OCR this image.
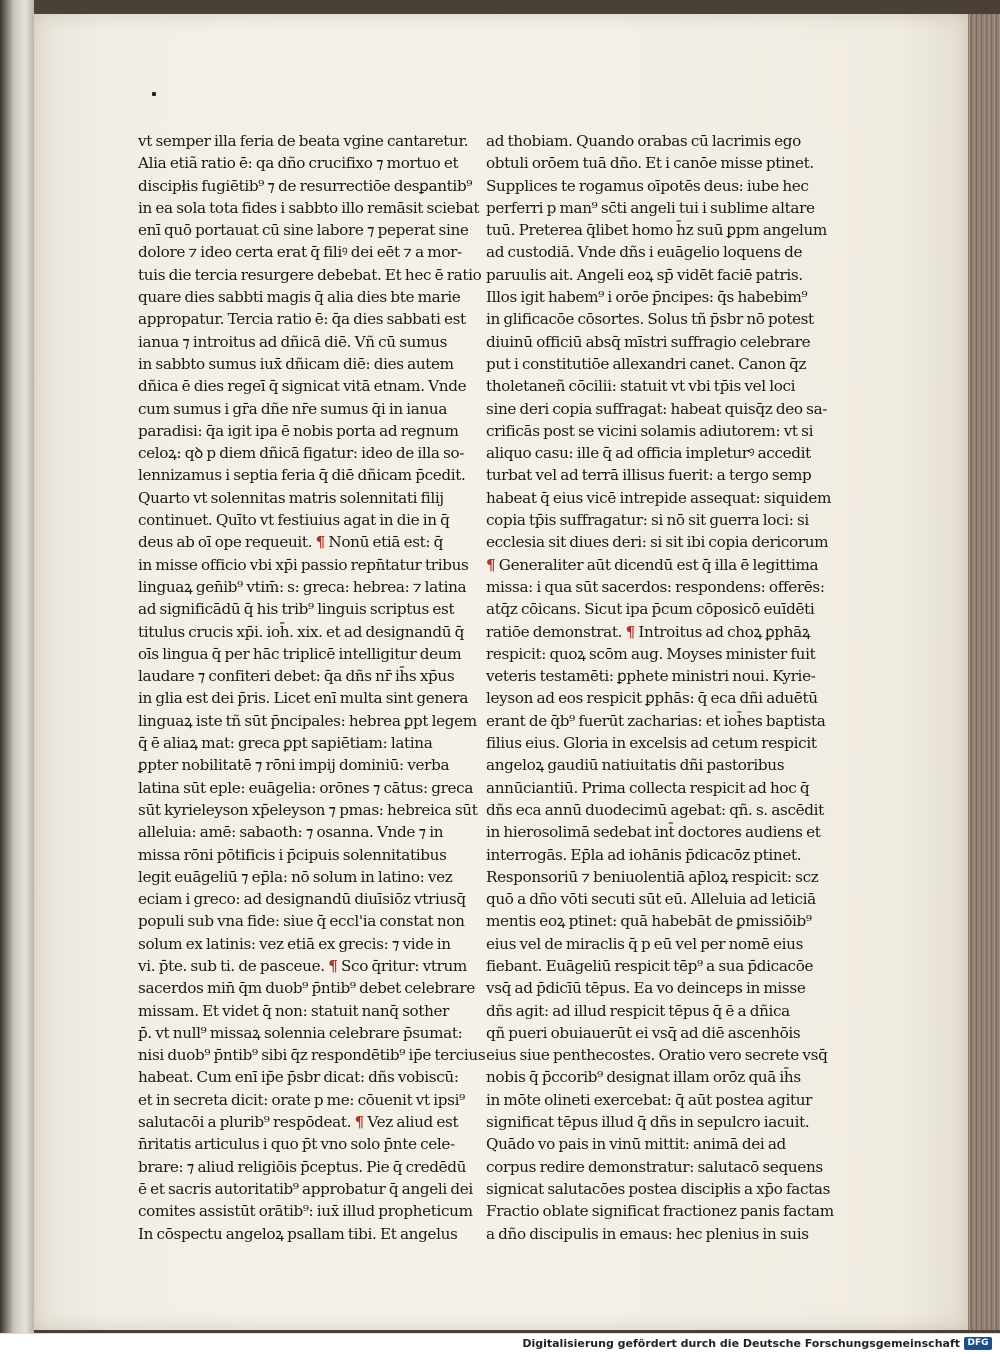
vt semper illa feria de beata vgine cantaretur.
Alia etiã ratio ē: qa dño crucifixo ⁊ mortuo et
discipłis fugiētib⁹ ⁊ de resurrectiōe desꝑantib⁹
in ea sola tota fides i sabbto illo remāsit sciebat
enī quō portauat cū sine labore ⁊ peperat sine
dolore ⁊ ideo certa erat q̄ filiꝰ dei eēt ⁊ a mor-
tuis die tercia resurgere debebat. Et hec ē ratio
quare dies sabbti magis q̄ alia dies bte marie
appropatur. Tercia ratio ē: q̄a dies sabbati est
ianua ⁊ introitus ad dñicā diē. Vñ cū sumus
in sabbto sumus iux̄ dñicam diē: dies autem
dñica ē dies regeī q̄ signicat vitā etnam. Vnde
cum sumus i gr̄a dñe nr̄e sumus q̄i in ianua
paradisi: q̄a igit ipa ē nobis porta ad regnum
celoꝝ: qꝺ p diem dñicā figatur: ideo de illa so-
lennizamus i septia feria q̄ diē dñicam p̄cedit.
Quarto vt solennitas matris solennitati filij
continuet. Quīto vt festiuius agat in die in q̄
deus ab oī ope requeuit. ¶ Nonū etiā est: q̄
in misse officio vbi xp̄i passio repn̄tatur tribus
linguaꝝ gen̄ib⁹ vtim̄: s: greca: hebrea: ⁊ latina
ad significādū q̄ his trib⁹ linguis scriptus est
titulus crucis xp̄i. ioh̄. xix. et ad designandū q̄
oīs lingua q̄ per hāc triplicē intelligitur deum
laudare ⁊ confiteri debet: q̄a dñs nr̄ ih̄s xp̄us
in glia est dei p̄ris. Licet enī multa sint genera
linguaꝝ iste tñ sūt p̄ncipales: hebrea ꝑpt legem
q̄ ē aliaꝝ mat: greca ꝑpt sapiētiam: latina
ꝑpter nobilitatē ⁊ rōni impij dominiū: verba
latina sūt eple: euāgelia: orōnes ⁊ cātus: greca
sūt kyrieleyson xp̄eleyson ⁊ pmas: hebreica sūt
alleluia: amē: sabaoth: ⁊ osanna. Vnde ⁊ in
missa rōni pōtificis i p̄cipuis solennitatibus
legit euāgeliū ⁊ ep̄la: nō solum in latino: vez
eciam i greco: ad designandū diuīsiōz vtriusq̄
populi sub vna fide: siue q̄ eccl'ia constat non
solum ex latinis: vez etiā ex grecis: ⁊ vide in
vi. p̄te. sub ti. de pasceue. ¶ Sco q̄ritur: vtrum
sacerdos min̄ q̄m duob⁹ p̄ntib⁹ debet celebrare
missam. Et videt q̄ non: statuit nanq̄ sother
p̄. vt null⁹ missaꝝ solennia celebrare p̄sumat:
nisi duob⁹ p̄ntib⁹ sibi q̄z respondētib⁹ ip̄e tercius
habeat. Cum enī ip̄e p̄sbr dicat: dñs vobiscū:
et in secreta dicit: orate p me: cōuenit vt ipsi⁹
salutacōi a plurib⁹ respōdeat. ¶ Vez aliud est
n̄ritatis articulus i quo p̄t vno solo p̄nte cele-
brare: ⁊ aliud religiōis p̄ceptus. Pie q̄ credēdū
ē et sacris autoritatib⁹ approbatur q̄ angeli dei
comites assistūt orātib⁹: iux̄ illud propheticum
In cōspectu angeloꝝ psallam tibi. Et angelus
ad thobiam. Quando orabas cū lacrimis ego
obtuli orōem tuā dño. Et i canōe misse ptinet.
Supplices te rogamus oīpotēs deus: iube hec
perferri p man⁹ sc̄ti angeli tui i sublime altare
tuū. Preterea q̄libet homo h̄z suū ꝑpm angelum
ad custodiā. Vnde dñs i euāgelio loquens de
paruulis ait. Angeli eoꝝ sp̄ vidēt faciē patris.
Illos igit habem⁹ i orōe p̄ncipes: q̄s habebim⁹
in glificacōe cōsortes. Solus tñ p̄sbr nō potest
diuinū officiū absq̄ mīstri suffragio celebrare
put i constitutiōe allexandri canet. Canon q̄z
tholetaneñ cōcilii: statuit vt vbi tp̄is vel loci
sine deri copia suffragat: habeat quisq̄z deo sa-
crificās post se vicini solamis adiutorem: vt si
aliquo casu: ille q̄ ad officia impleturꝰ accedit
turbat vel ad terrā illisus fuerit: a tergo semp
habeat q̄ eius vicē intrepide assequat: siquidem
copia tp̄is suffragatur: si nō sit guerra loci: si
ecclesia sit diues deri: si sit ibi copia dericorum
¶ Generaliter aūt dicendū est q̄ illa ē legittima
missa: i qua sūt sacerdos: respondens: offerēs:
atq̄z cōicans. Sicut ipa p̄cum cōposicō euīdēti
ratiōe demonstrat. ¶ Introitus ad choꝝ ꝑphāꝝ
respicit: quoꝝ scōm aug. Moyses minister fuit
veteris testamēti: ꝑphete ministri noui. Kyrie-
leyson ad eos respicit ꝑphās: q̄ eca dñi aduētū
erant de q̄b⁹ fuerūt zacharias: et ioh̄es baptista
filius eius. Gloria in excelsis ad cetum respicit
angeloꝝ gaudiū natiuitatis dñi pastoribus
annūciantiū. Prima collecta respicit ad hoc q̄
dñs eca annū duodecimū agebat: qñ. s. ascēdit
in hierosolimā sedebat int̄ doctores audiens et
interrogās. Ep̄la ad iohānis p̄dicacōz ptinet.
Responsoriū ⁊ beniuolentiā ap̄loꝝ respicit: scz
quō a dño vōti secuti sūt eū. Alleluia ad leticiā
mentis eoꝝ ptinet: quā habebāt de ꝑmissiōib⁹
eius vel de miraclis q̄ p eū vel per nomē eius
fiebant. Euāgeliū respicit tēp⁹ a sua p̄dicacōe
vsq̄ ad p̄dicīū tēpus. Ea vo deinceps in misse
dñs agit: ad illud respicit tēpus q̄ ē a dñica
qñ pueri obuiauerūt ei vsq̄ ad diē ascenhōis
eius siue penthecostes. Oratio vero secrete vsq̄
nobis q̄ p̄ccorib⁹ designat illam orōz quā ih̄s
in mōte olineti exercebat: q̄ aūt postea agitur
significat tēpus illud q̄ dñs in sepulcro iacuit.
Quādo vo pais in vinū mittit: animā dei ad
corpus redire demonstratur: salutacō sequens
signicat salutacōes postea discipłis a xp̄o factas
Fractio oblate significat fractionez panis factam
a dño discipulis in emaus: hec plenius in suis
Digitalisierung gefördert durch die Deutsche Forschungsgemeinschaft DFG
